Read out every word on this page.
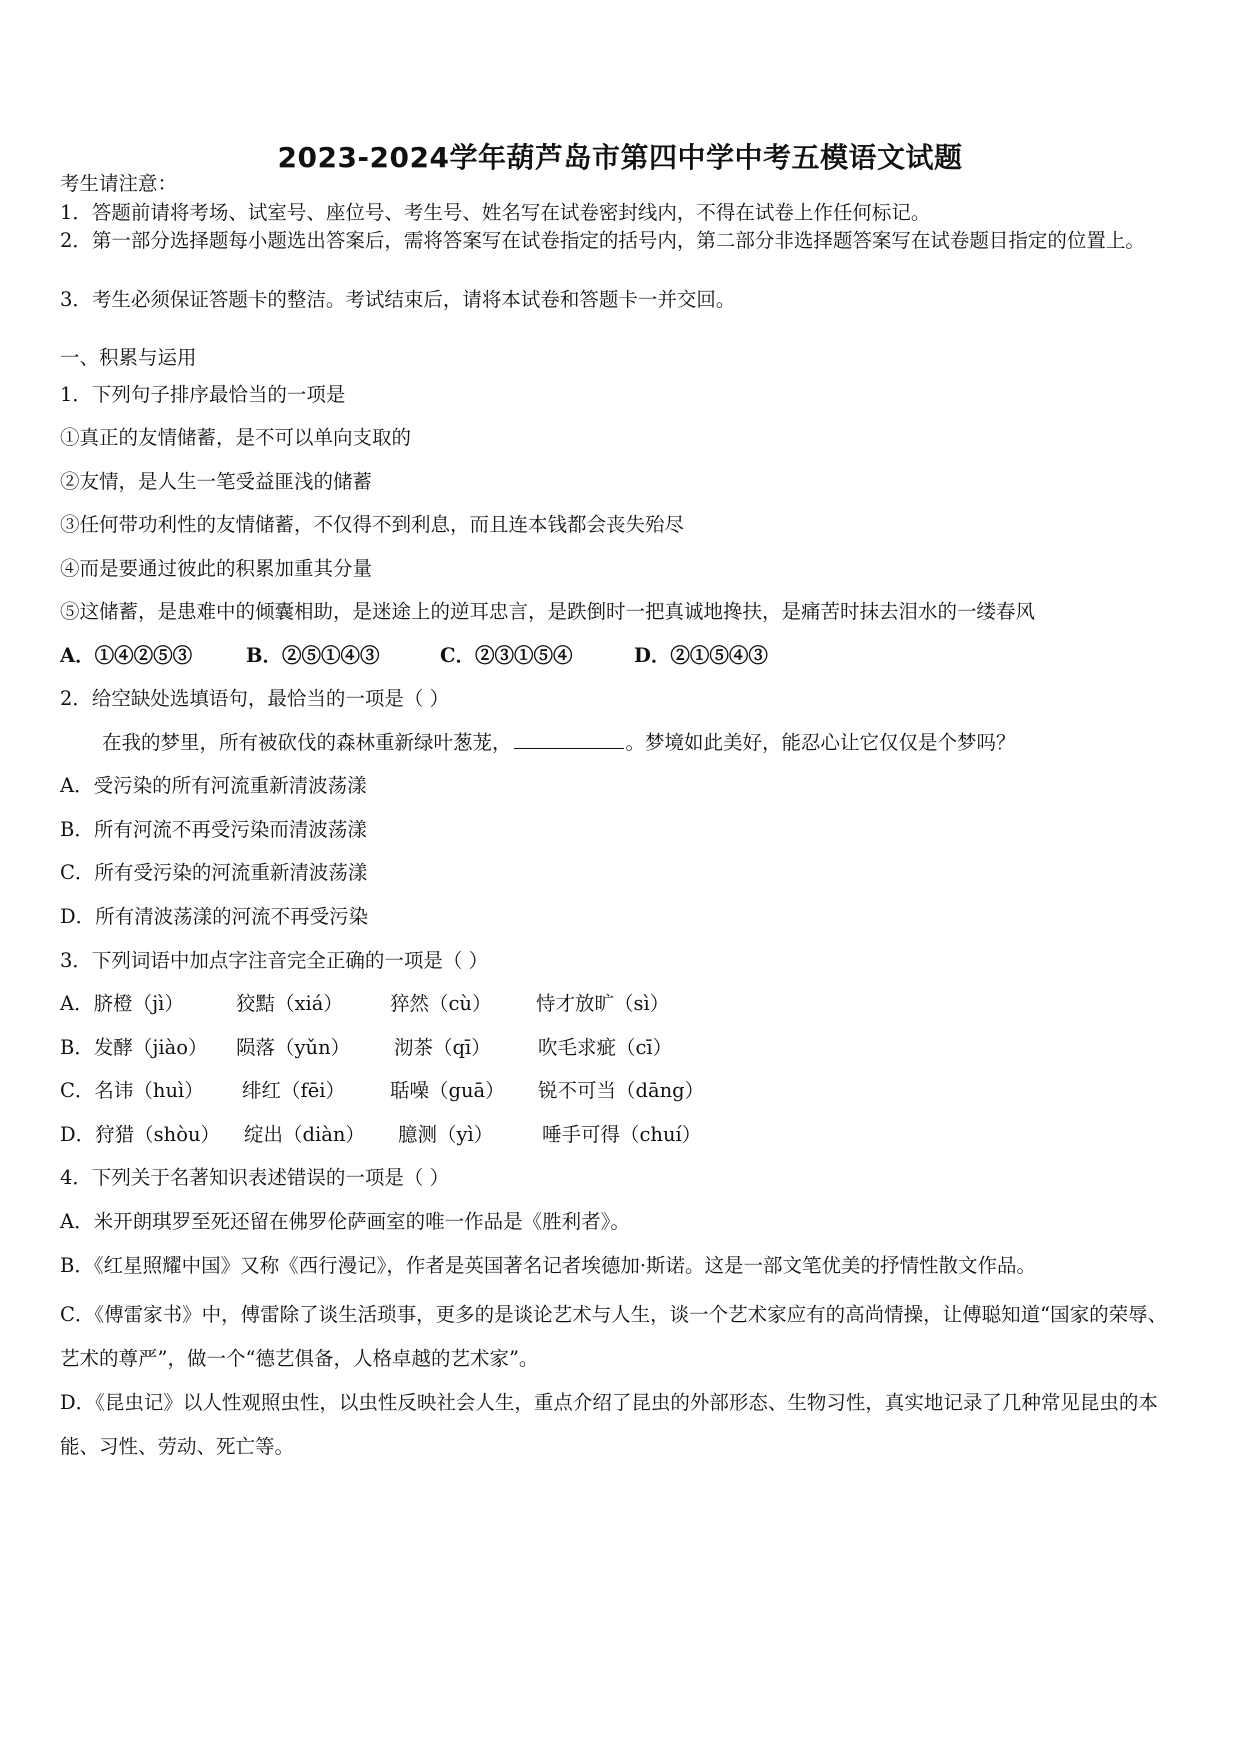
2023-2024学年葫芦岛市第四中学中考五模语文试题
考生请注意：
1．答题前请将考场、试室号、座位号、考生号、姓名写在试卷密封线内，不得在试卷上作任何标记。
2．第一部分选择题每小题选出答案后，需将答案写在试卷指定的括号内，第二部分非选择题答案写在试卷题目指定的位置上。
3．考生必须保证答题卡的整洁。考试结束后，请将本试卷和答题卡一并交回。
一、积累与运用
1．下列句子排序最恰当的一项是
①真正的友情储蓄，是不可以单向支取的
②友情，是人生一笔受益匪浅的储蓄
③任何带功利性的友情储蓄，不仅得不到利息，而且连本钱都会丧失殆尽
④而是要通过彼此的积累加重其分量
⑤这储蓄，是患难中的倾囊相助，是迷途上的逆耳忠言，是跌倒时一把真诚地搀扶，是痛苦时抹去泪水的一缕春风
A．①④②⑤③	B．②⑤①④③	C．②③①⑤④	D．②①⑤④③
2．给空缺处选填语句，最恰当的一项是（ ）
在我的梦里，所有被砍伐的森林重新绿叶葱茏，	。梦境如此美好，能忍心让它仅仅是个梦吗？
A．受污染的所有河流重新清波荡漾
B．所有河流不再受污染而清波荡漾
C．所有受污染的河流重新清波荡漾
D．所有清波荡漾的河流不再受污染
3．下列词语中加点字注音完全正确的一项是（ ）
A．脐橙（jì）	狡黠（xiá） 猝然（cù） 恃才放旷（sì）
B．发酵（jiào） 陨落（yǔn） 沏茶（qī） 吹毛求疵（cī）
C．名讳（huì） 绯红（fēi） 聒噪（guā） 锐不可当（dāng）
D．狩猎（shòu） 绽出（diàn） 臆测（yì） 唾手可得（chuí）
4．下列关于名著知识表述错误的一项是（ ）
A．米开朗琪罗至死还留在佛罗伦萨画室的唯一作品是《胜利者》。
B．《红星照耀中国》又称《西行漫记》，作者是英国著名记者埃德加·斯诺。这是一部文笔优美的抒情性散文作品。
C．《傅雷家书》中，傅雷除了谈生活琐事，更多的是谈论艺术与人生，谈一个艺术家应有的高尚情操，让傅聪知道“国家的荣辱、艺术的尊严”，做一个“德艺俱备，人格卓越的艺术家”。
D．《昆虫记》以人性观照虫性，以虫性反映社会人生，重点介绍了昆虫的外部形态、生物习性，真实地记录了几种常见昆虫的本能、习性、劳动、死亡等。
